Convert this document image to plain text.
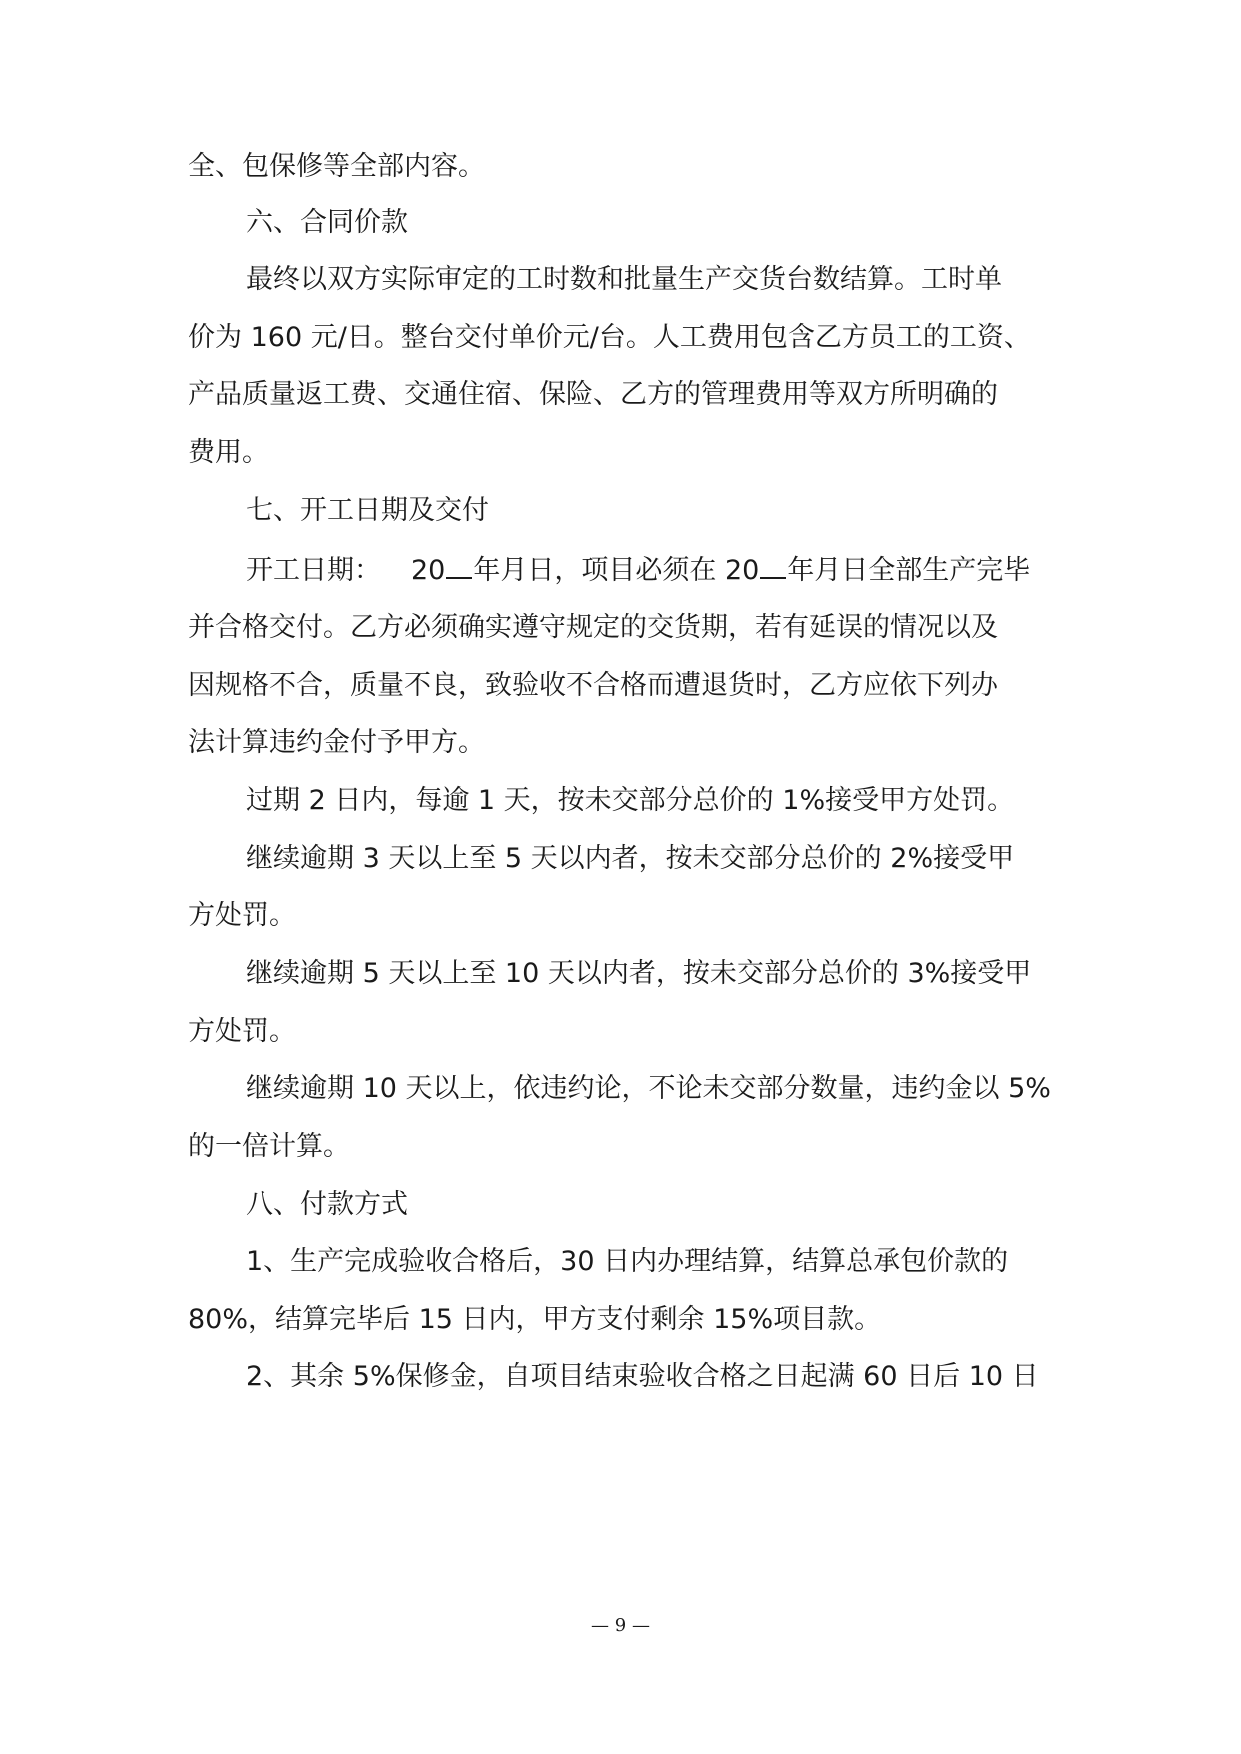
全、包保修等全部内容。
六、合同价款
最终以双方实际审定的工时数和批量生产交货台数结算。工时单
价为 160 元/日。整台交付单价元/台。人工费用包含乙方员工的工资、
产品质量返工费、交通住宿、保险、乙方的管理费用等双方所明确的
费用。
七、开工日期及交付
开工日期： 20 年月日，项目必须在 20 年月日全部生产完毕
并合格交付。乙方必须确实遵守规定的交货期，若有延误的情况以及
因规格不合，质量不良，致验收不合格而遭退货时，乙方应依下列办
法计算违约金付予甲方。
过期 2 日内，每逾 1 天，按未交部分总价的 1%接受甲方处罚。
继续逾期 3 天以上至 5 天以内者，按未交部分总价的 2%接受甲
方处罚。
继续逾期 5 天以上至 10 天以内者，按未交部分总价的 3%接受甲
方处罚。
继续逾期 10 天以上，依违约论，不论未交部分数量，违约金以 5%
的一倍计算。
八、付款方式
1、生产完成验收合格后，30 日内办理结算，结算总承包价款的
80%，结算完毕后 15 日内，甲方支付剩余 15%项目款。
2、其余 5%保修金，自项目结束验收合格之日起满 60 日后 10 日
— 9 —
